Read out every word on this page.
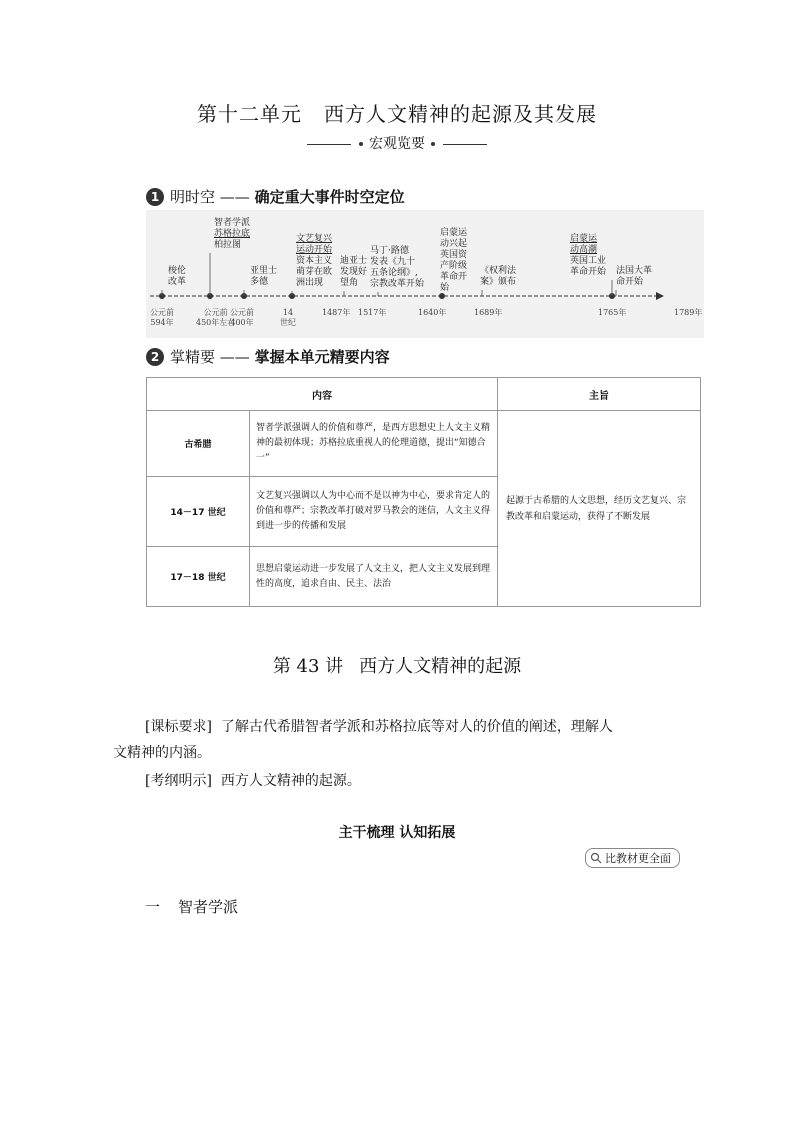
第十二单元 西方人文精神的起源及其发展
宏观览要
1 明时空
——
确定重大事件时空定位
梭伦
改革
智者学派
苏格拉底
柏拉图
亚里士
多德
文艺复兴
运动开始
资本主义
萌芽在欧
洲出现
迪亚士
发现好
望角
马丁·路德
发表《九十
五条论纲》,
宗教改革开始
启蒙运
动兴起
英国资
产阶级
革命开
始
《权利法
案》颁布
启蒙运
动高潮
英国工业
革命开始 法国大革
命开始
公元前
594年
公元前
450年左右
公元前
400年
14
世纪
1487年 1517年	1640年	1689年	1765年	1789年
2 掌精要
——
掌握本单元精要内容
内容		主旨
古希腊	智者学派强调人的价值和尊严，是西方思想史上人文主义精神的最初体现；苏格拉底重视人的伦理道德，提出“知德合一”	起源于古希腊的人文思想，经历文艺复兴、宗教改革和启蒙运动，获得了不断发展
14－17 世纪	文艺复兴强调以人为中心而不是以神为中心，要求肯定人的价值和尊严；宗教改革打破对罗马教会的迷信，人文主义得到进一步的传播和发展	
17－18 世纪	思想启蒙运动进一步发展了人文主义，把人文主义发展到理性的高度，追求自由、民主、法治	
第 43 讲 西方人文精神的起源
[课标要求] 了解古代希腊智者学派和苏格拉底等对人的价值的阐述，理解人
文精神的内涵。
[考纲明示] 西方人文精神的起源。
主干梳理 认知拓展
比教材更全面
一 智者学派
